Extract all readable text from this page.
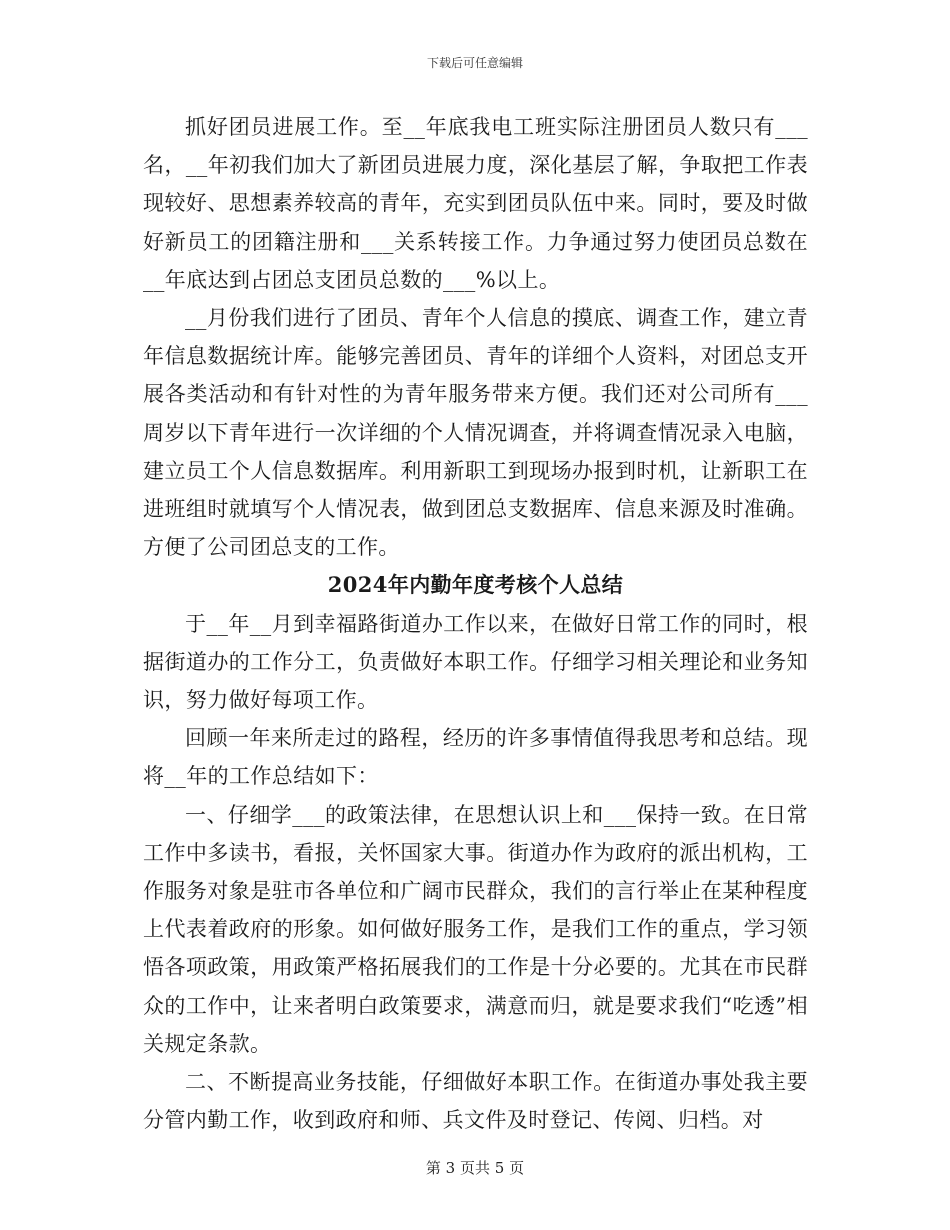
下载后可任意编辑

抓好团员进展工作。至__年底我电工班实际注册团员人数只有___名，__年初我们加大了新团员进展力度，深化基层了解，争取把工作表现较好、思想素养较高的青年，充实到团员队伍中来。同时，要及时做好新员工的团籍注册和___关系转接工作。力争通过努力使团员总数在__年底达到占团总支团员总数的___%以上。

__月份我们进行了团员、青年个人信息的摸底、调查工作，建立青年信息数据统计库。能够完善团员、青年的详细个人资料，对团总支开展各类活动和有针对性的为青年服务带来方便。我们还对公司所有___周岁以下青年进行一次详细的个人情况调查，并将调查情况录入电脑，建立员工个人信息数据库。利用新职工到现场办报到时机，让新职工在进班组时就填写个人情况表，做到团总支数据库、信息来源及时准确。方便了公司团总支的工作。

2024年内勤年度考核个人总结

于__年__月到幸福路街道办工作以来，在做好日常工作的同时，根据街道办的工作分工，负责做好本职工作。仔细学习相关理论和业务知识，努力做好每项工作。

回顾一年来所走过的路程，经历的许多事情值得我思考和总结。现将__年的工作总结如下：

一、仔细学___的政策法律，在思想认识上和___保持一致。在日常工作中多读书，看报，关怀国家大事。街道办作为政府的派出机构，工作服务对象是驻市各单位和广阔市民群众，我们的言行举止在某种程度上代表着政府的形象。如何做好服务工作，是我们工作的重点，学习领悟各项政策，用政策严格拓展我们的工作是十分必要的。尤其在市民群众的工作中，让来者明白政策要求，满意而归，就是要求我们“吃透”相关规定条款。

二、不断提高业务技能，仔细做好本职工作。在街道办事处我主要分管内勤工作，收到政府和师、兵文件及时登记、传阅、归档。对

第 3 页共 5 页
